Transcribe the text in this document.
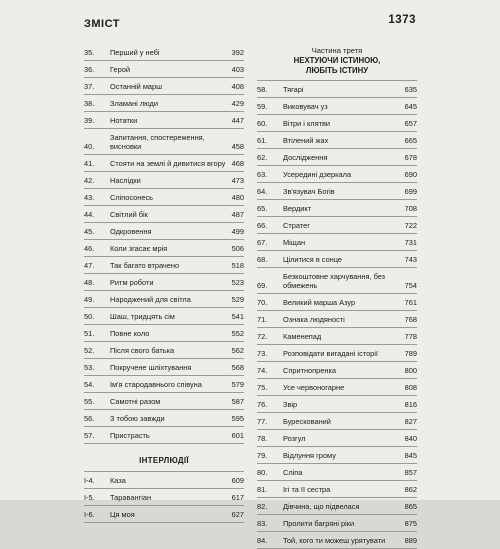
ЗМІСТ	1373
35.	Перший у небі	392
36.	Герой	403
37.	Останній марш	408
38.	Зламані люди	429
39.	Нотатки	447
40.
Запитання, спостереження, висновки	458
41.	Стояти на землі й дивитися вгору 468
42.	Наслідки	473
43.	Сліпосонесь	480
44.	Світлий бік	487
45.	Одкровення	499
46.	Коли згасає мрія	506
47.	Так багато втрачено	518
48.	Ритм роботи	523
49.	Народжений для світла	529
50.	Шаш, тридцять сім	541
51.	Повне коло	552
52.	Після свого батька	562
53.	Покручене шліхтування	568
54.	Ім'я стародавнього співуна	579
55.	Самотні разом	587
56.	З тобою завжди	595
57.	Пристрасть	601
ІНТЕРЛЮДІЇ
I-4.	Каза	609
I-5.	Таравангіан	617
I-6.	Ця моя	627
Частина третя
НЕХТУЮЧИ ІСТИНОЮ,
ЛЮБІТЬ ІСТИНУ
58.	Тягарі	635
59.	Виковувач уз	645
60.	Вітри і клятви	657
61.	Втілений жах	665
62.	Дослідження	678
63.	Усередині дзеркала	690
64.	Зв'язувач Богів	699
65.	Вердикт	708
66.	Стратег	722
67.	Міщан	731
68.	Цілитися в сонце	743
69.
Безкоштовне харчування, без обмежень	754
70.	Великий марша Азур	761
71.	Ознака людяності	768
72.	Каменепад	778
73.	Розповідати вигадані історії	789
74.	Спритнопренка	800
75.	Усе червоногарне	808
76.	Звір	816
77.	Бурескований	827
78.	Розгул	840
79.	Відлуння грому	845
80.	Сліпа	857
81.	Ігі та Ії сестра	862
82.	Дівчина, що підвелася	865
83.	Пролити багряні ріки	875
84.	Той, кого ти можеш урятувати	889
